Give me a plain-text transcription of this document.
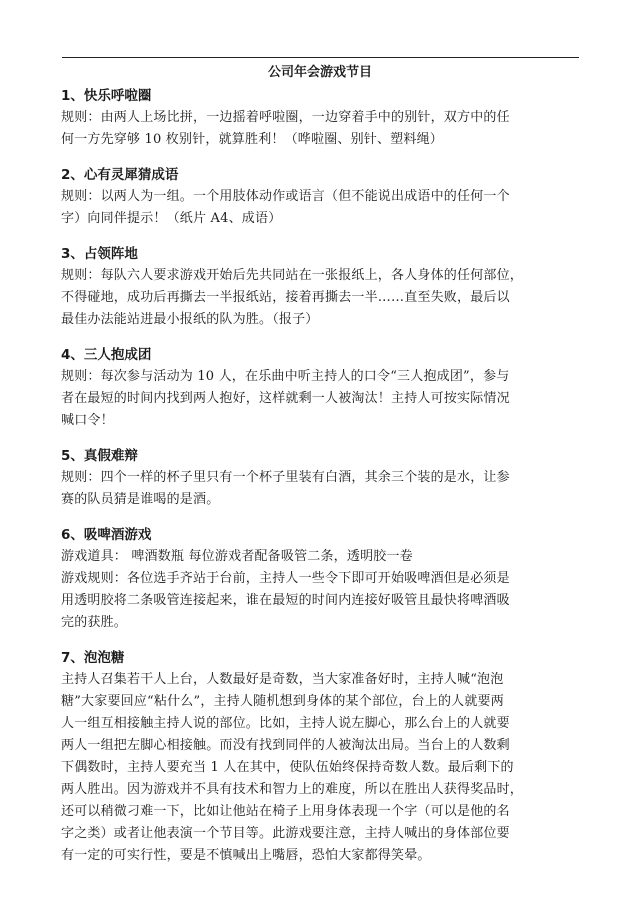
公司年会游戏节目
1、快乐呼啦圈
规则：由两人上场比拼，一边摇着呼啦圈，一边穿着手中的别针，双方中的任
何一方先穿够 10 枚别针，就算胜利！（哗啦圈、别针、塑料绳）
2、心有灵犀猜成语
规则：以两人为一组。一个用肢体动作或语言（但不能说出成语中的任何一个
字）向同伴提示！（纸片 A4、成语）
3、占领阵地
规则：每队六人要求游戏开始后先共同站在一张报纸上，各人身体的任何部位，
不得碰地，成功后再撕去一半报纸站，接着再撕去一半……直至失败，最后以
最佳办法能站进最小报纸的队为胜。（报子）
4、三人抱成团
规则：每次参与活动为 10 人，在乐曲中听主持人的口令“三人抱成团”，参与
者在最短的时间内找到两人抱好，这样就剩一人被淘汰！主持人可按实际情况
喊口令！
5、真假难辩
规则：四个一样的杯子里只有一个杯子里装有白酒，其余三个装的是水，让参
赛的队员猜是谁喝的是酒。
6、吸啤酒游戏
游戏道具： 啤酒数瓶 每位游戏者配备吸管二条，透明胶一卷
游戏规则：各位选手齐站于台前，主持人一些令下即可开始吸啤酒但是必须是
用透明胶将二条吸管连接起来，谁在最短的时间内连接好吸管且最快将啤酒吸
完的获胜。
7、泡泡糖
主持人召集若干人上台，人数最好是奇数，当大家准备好时，主持人喊“泡泡
糖”大家要回应“粘什么”，主持人随机想到身体的某个部位，台上的人就要两
人一组互相接触主持人说的部位。比如，主持人说左脚心，那么台上的人就要
两人一组把左脚心相接触。而没有找到同伴的人被淘汰出局。当台上的人数剩
下偶数时，主持人要充当 1 人在其中，使队伍始终保持奇数人数。最后剩下的
两人胜出。因为游戏并不具有技术和智力上的难度，所以在胜出人获得奖品时，
还可以稍微刁难一下，比如让他站在椅子上用身体表现一个字（可以是他的名
字之类）或者让他表演一个节目等。此游戏要注意，主持人喊出的身体部位要
有一定的可实行性，要是不慎喊出上嘴唇，恐怕大家都得笑晕。
